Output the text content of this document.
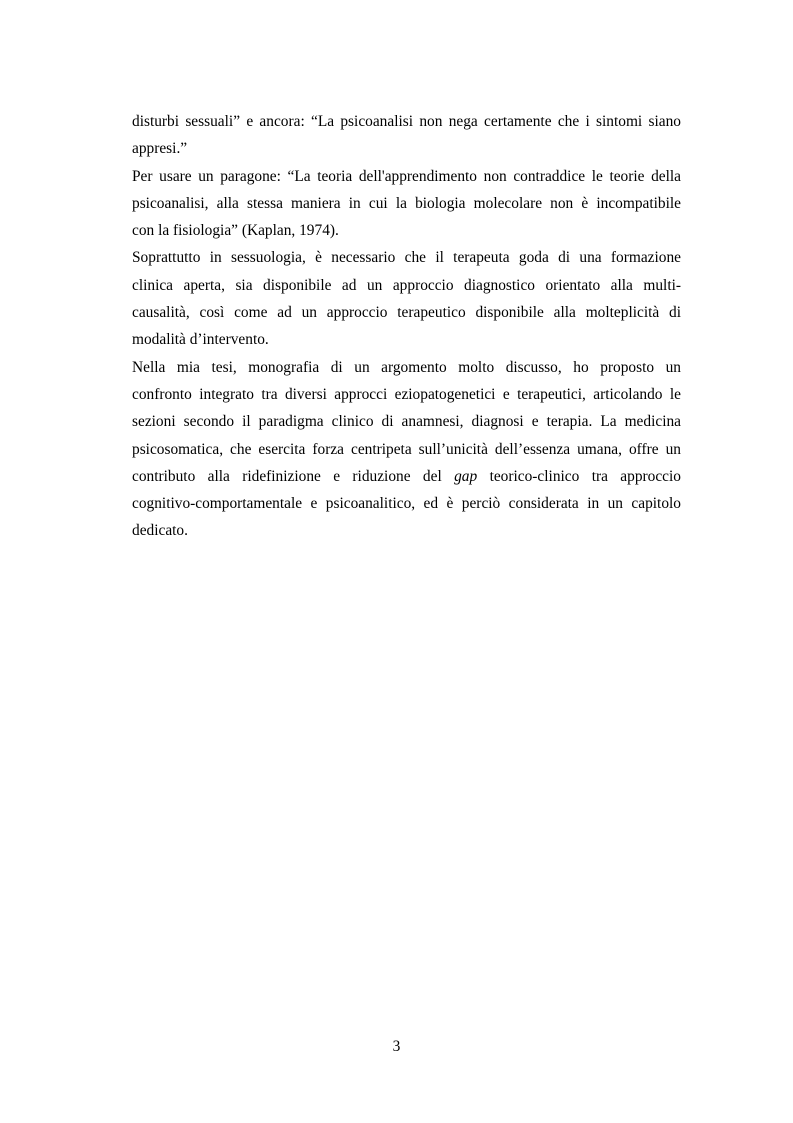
disturbi sessuali” e ancora: “La psicoanalisi non nega certamente che i sintomi siano
appresi.”
Per usare un paragone: “La teoria dell'apprendimento non contraddice le teorie della
psicoanalisi, alla stessa maniera in cui la biologia molecolare non è incompatibile
con la fisiologia” (Kaplan, 1974).
Soprattutto in sessuologia, è necessario che il terapeuta goda di una formazione
clinica aperta, sia disponibile ad un approccio diagnostico orientato alla multi-
causalità, così come ad un approccio terapeutico disponibile alla molteplicità di
modalità d’intervento.
Nella mia tesi, monografia di un argomento molto discusso, ho proposto un
confronto integrato tra diversi approcci eziopatogenetici e terapeutici, articolando le
sezioni secondo il paradigma clinico di anamnesi, diagnosi e terapia. La medicina
psicosomatica, che esercita forza centripeta sull’unicità dell’essenza umana, offre un
contributo alla ridefinizione e riduzione del gap teorico-clinico tra approccio
cognitivo-comportamentale e psicoanalitico, ed è perciò considerata in un capitolo
dedicato.
3
